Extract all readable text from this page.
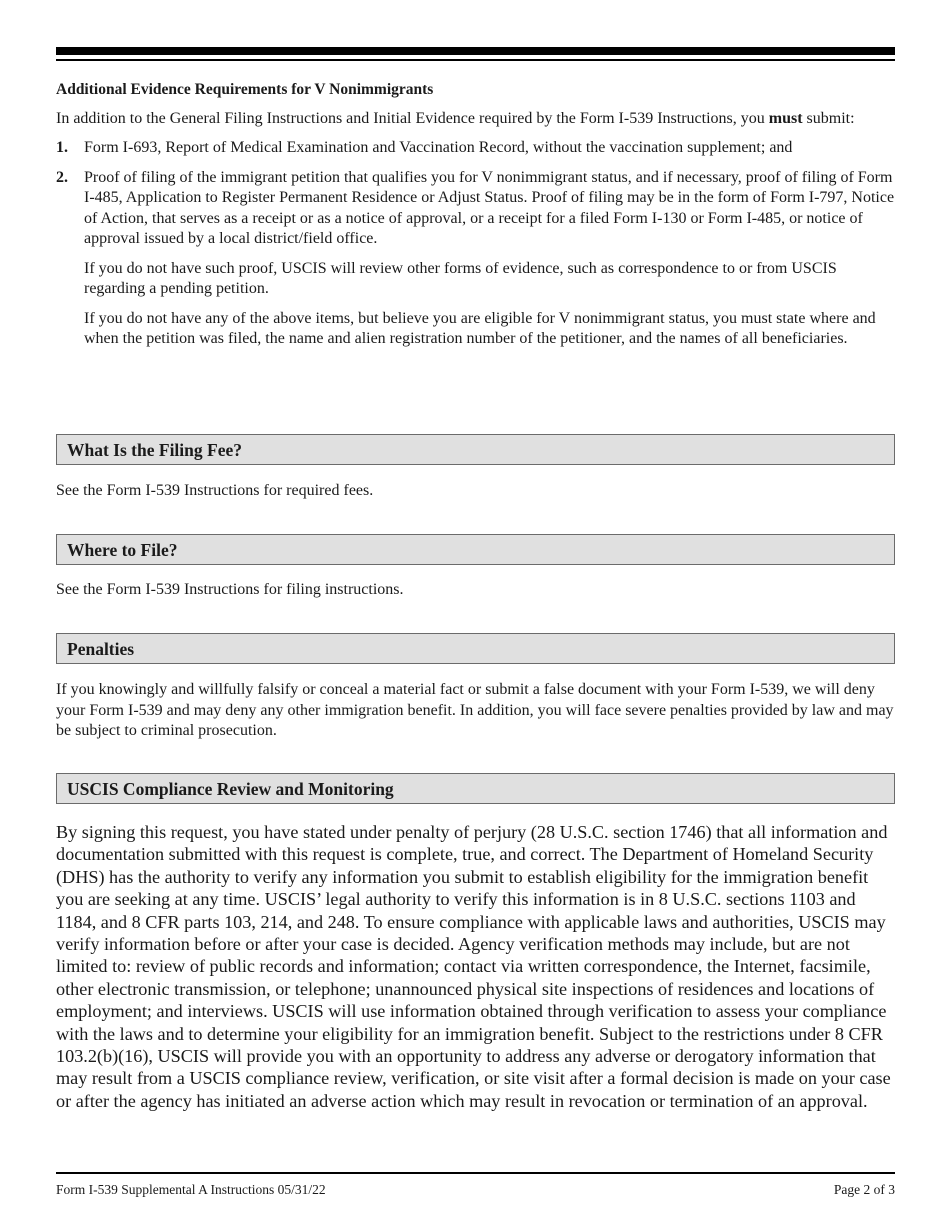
Additional Evidence Requirements for V Nonimmigrants

In addition to the General Filing Instructions and Initial Evidence required by the Form I-539 Instructions, you must submit:

1. Form I-693, Report of Medical Examination and Vaccination Record, without the vaccination supplement; and

2. Proof of filing of the immigrant petition that qualifies you for V nonimmigrant status, and if necessary, proof of filing of Form I-485, Application to Register Permanent Residence or Adjust Status. Proof of filing may be in the form of Form I-797, Notice of Action, that serves as a receipt or as a notice of approval, or a receipt for a filed Form I-130 or Form I-485, or notice of approval issued by a local district/field office.

If you do not have such proof, USCIS will review other forms of evidence, such as correspondence to or from USCIS regarding a pending petition.

If you do not have any of the above items, but believe you are eligible for V nonimmigrant status, you must state where and when the petition was filed, the name and alien registration number of the petitioner, and the names of all beneficiaries.

What Is the Filing Fee?
See the Form I-539 Instructions for required fees.
Where to File?
See the Form I-539 Instructions for filing instructions.
Penalties
If you knowingly and willfully falsify or conceal a material fact or submit a false document with your Form I-539, we will deny your Form I-539 and may deny any other immigration benefit. In addition, you will face severe penalties provided by law and may be subject to criminal prosecution.
USCIS Compliance Review and Monitoring
By signing this request, you have stated under penalty of perjury (28 U.S.C. section 1746) that all information and documentation submitted with this request is complete, true, and correct. The Department of Homeland Security (DHS) has the authority to verify any information you submit to establish eligibility for the immigration benefit you are seeking at any time. USCIS’ legal authority to verify this information is in 8 U.S.C. sections 1103 and 1184, and 8 CFR parts 103, 214, and 248. To ensure compliance with applicable laws and authorities, USCIS may verify information before or after your case is decided. Agency verification methods may include, but are not limited to: review of public records and information; contact via written correspondence, the Internet, facsimile, other electronic transmission, or telephone; unannounced physical site inspections of residences and locations of employment; and interviews. USCIS will use information obtained through verification to assess your compliance with the laws and to determine your eligibility for an immigration benefit. Subject to the restrictions under 8 CFR 103.2(b)(16), USCIS will provide you with an opportunity to address any adverse or derogatory information that may result from a USCIS compliance review, verification, or site visit after a formal decision is made on your case or after the agency has initiated an adverse action which may result in revocation or termination of an approval.
Form I-539 Supplemental A Instructions 05/31/22	Page 2 of 3
